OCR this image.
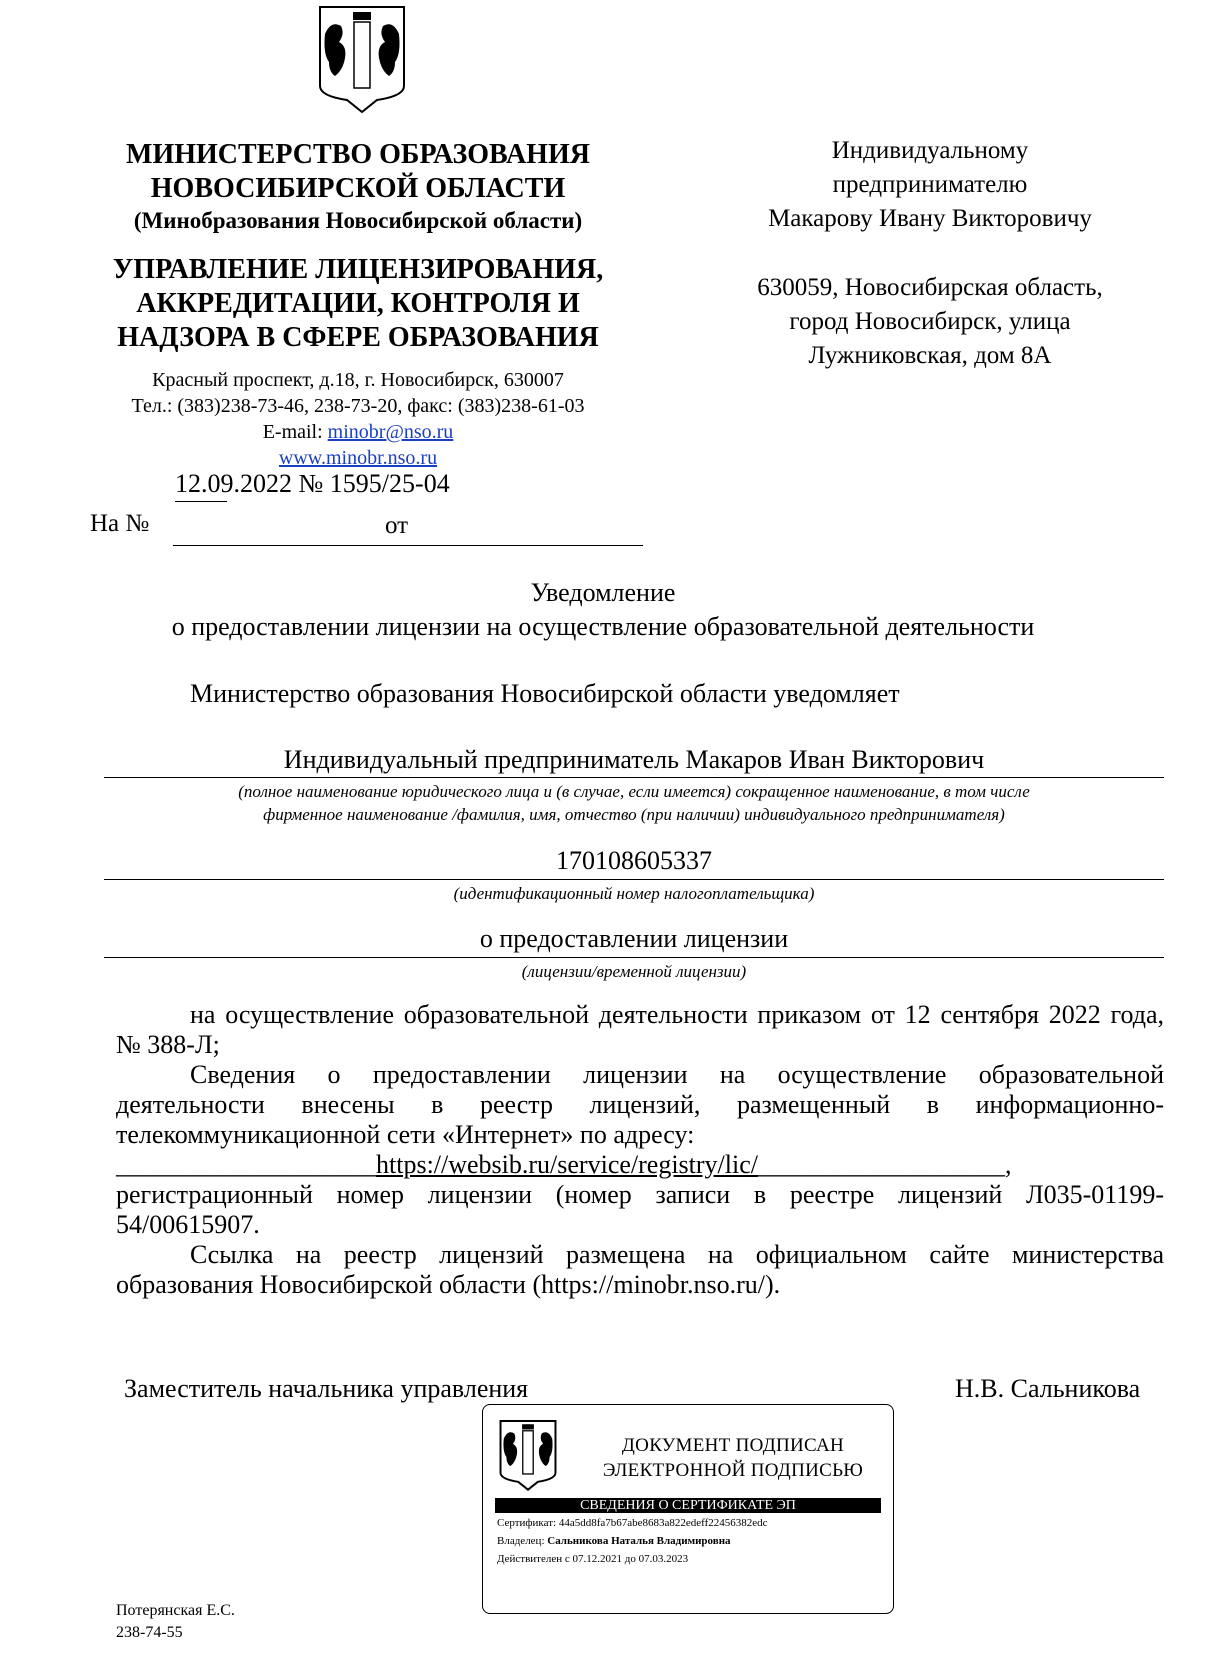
МИНИСТЕРСТВО ОБРАЗОВАНИЯ НОВОСИБИРСКОЙ ОБЛАСТИ
(Минобразования Новосибирской области)
УПРАВЛЕНИЕ ЛИЦЕНЗИРОВАНИЯ, АККРЕДИТАЦИИ, КОНТРОЛЯ И НАДЗОРА В СФЕРЕ ОБРАЗОВАНИЯ
Красный проспект, д.18, г. Новосибирск, 630007
Тел.: (383)238-73-46, 238-73-20, факс: (383)238-61-03
E-mail: minobr@nso.ru
www.minobr.nso.ru
12.09.2022 № 1595/25-04
На №	от
Индивидуальному
предпринимателю
Макарову Ивану Викторовичу
630059, Новосибирская область,
город Новосибирск, улица
Лужниковская, дом 8А
Уведомление
о предоставлении лицензии на осуществление образовательной деятельности
Министерство образования Новосибирской области уведомляет
Индивидуальный предприниматель Макаров Иван Викторович
(полное наименование юридического лица и (в случае, если имеется) сокращенное наименование, в том числе
фирменное наименование /фамилия, имя, отчество (при наличии) индивидуального предпринимателя)
170108605337
(идентификационный номер налогоплательщика)
о предоставлении лицензии
(лицензии/временной лицензии)

на осуществление образовательной деятельности приказом от 12 сентября 2022 года, № 388-Л;

Сведения о предоставлении лицензии на осуществление образовательной деятельности внесены в реестр лицензий, размещенный в информационно-телекоммуникационной сети «Интернет» по адресу:

____________________https://websib.ru/service/registry/lic/___________________,

регистрационный номер лицензии (номер записи в реестре лицензий Л035-01199-54/00615907.

Ссылка на реестр лицензий размещена на официальном сайте министерства образования Новосибирской области (https://minobr.nso.ru/).

Заместитель начальника управления	Н.В. Сальникова
ДОКУМЕНТ ПОДПИСАН
ЭЛЕКТРОННОЙ ПОДПИСЬЮ
СВЕДЕНИЯ О СЕРТИФИКАТЕ ЭП
Сертификат: 44a5dd8fa7b67abe8683a822edeff22456382edc
Владелец: Сальникова Наталья Владимировна
Действителен с 07.12.2021 до 07.03.2023
Потерянская Е.С.
238-74-55
